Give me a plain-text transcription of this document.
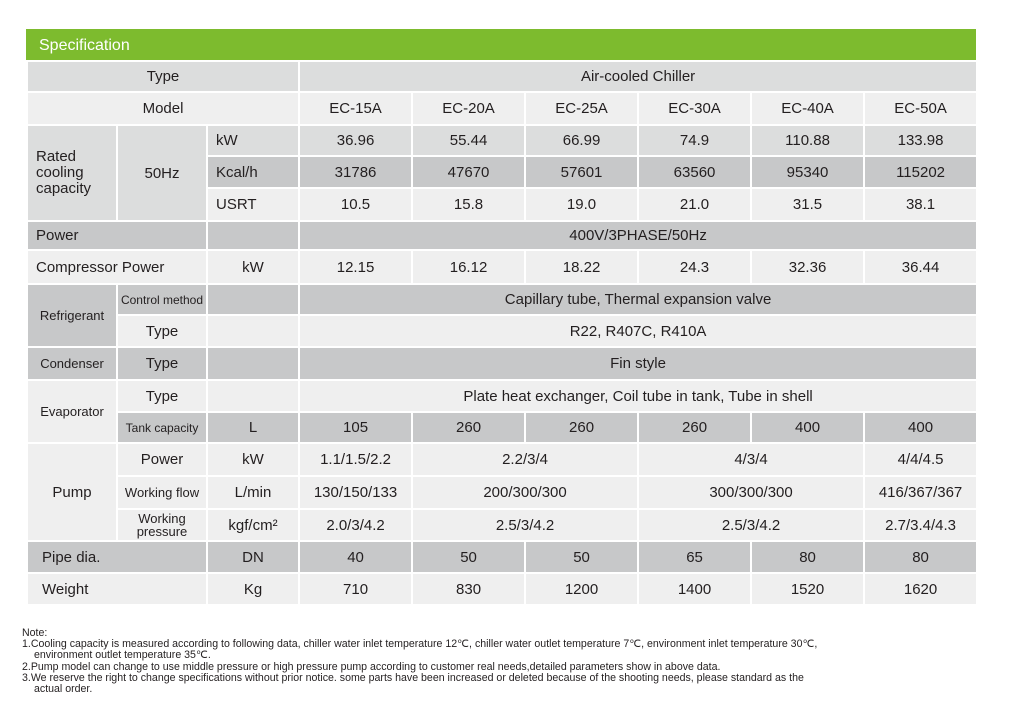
Specification
Type			Air-cooled Chiller					
Model			EC-15A	EC-20A	EC-25A	EC-30A	EC-40A	EC-50A
Rated cooling capacity	50Hz	kW	36.96	55.44	66.99	74.9	110.88	133.98
		Kcal/h	31786	47670	57601	63560	95340	115202
		USRT	10.5	15.8	19.0	21.0	31.5	38.1
Power			400V/3PHASE/50Hz					
Compressor Power		kW	12.15	16.12	18.22	24.3	32.36	36.44
Refrigerant	Control method		Capillary tube, Thermal expansion valve					
	Type		R22, R407C, R410A					
Condenser	Type		Fin style					
Evaporator	Type		Plate heat exchanger, Coil tube in tank, Tube in shell					
	Tank capacity	L	105	260	260	260	400	400
Pump	Power	kW	1.1/1.5/2.2	2.2/3/4		4/3/4		4/4/4.5
	Working flow	L/min	130/150/133	200/300/300		300/300/300		416/367/367
	Working pressure	kgf/cm²	2.0/3/4.2	2.5/3/4.2		2.5/3/4.2		2.7/3.4/4.3
Pipe dia.		DN	40	50	50	65	80	80
Weight		Kg	710	830	1200	1400	1520	1620
Note:
1.Cooling capacity is measured according to following data, chiller water inlet temperature 12℃, chiller water outlet temperature 7℃, environment inlet temperature 30℃,
environment outlet temperature 35℃.
2.Pump model can change to use middle pressure or high pressure pump according to customer real needs,detailed parameters show in above data.
3.We reserve the right to change specifications without prior notice. some parts have been increased or deleted because of the shooting needs, please standard as the
actual order.
